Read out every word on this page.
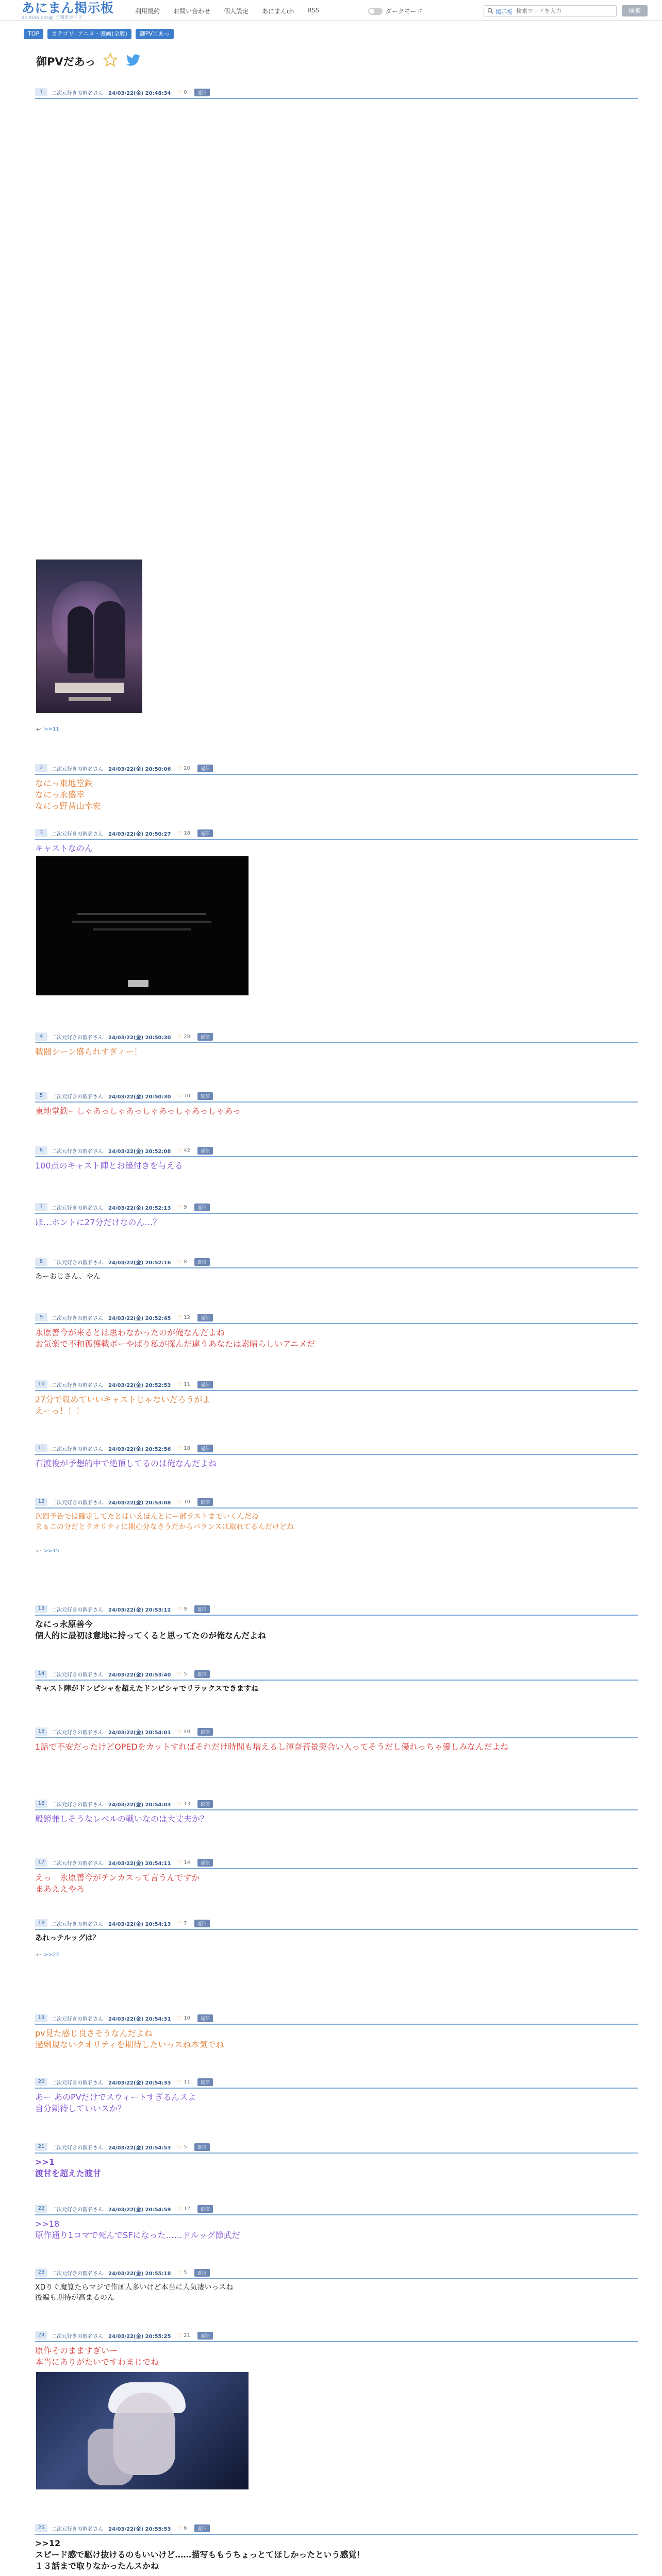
あにまん掲示板
animan bbs@ ご利用ガイド
利用規約 お問い合わせ 個人設定 あにまんch RSS	ダークモード	掲示板
検索ワードを入力	検索
TOP	カテゴリ: アニメ・漫画(全般)	御PV目あっ
御PVだあっ
1	二次元好きの匿名さん 24/03/22(金) 20:48:34 ♡ 0	返信
↩ >>11
2	二次元好きの匿名さん 24/03/22(金) 20:50:06 ♡ 20	返信
なにっ東地堂鉄
なにっ永盛幸
なにっ野薔山幸宏
3	二次元好きの匿名さん 24/03/22(金) 20:50:27 ♡ 18	返信
キャストなのん
4	二次元好きの匿名さん 24/03/22(金) 20:50:30 ♡ 28	返信
戦闘シーン盛られすぎィー！
5	二次元好きの匿名さん 24/03/22(金) 20:50:30 ♡ 70	返信
東地堂鉄ーしゃあっしゃあっしゃあっしゃあっしゃあっ
6	二次元好きの匿名さん 24/03/22(金) 20:52:08 ♡ 42	返信
100点のキャスト陣とお墨付きを与える
7	二次元好きの匿名さん 24/03/22(金) 20:52:13 ♡ 9	返信
ほ…ホントに27分だけなのん…？
8	二次元好きの匿名さん 24/03/22(金) 20:52:16 ♡ 8	返信
あーおじさん、やん
9	二次元好きの匿名さん 24/03/22(金) 20:52:45 ♡ 12	返信
永原善今が来るとは思わなかったのが俺なんだよね
お気楽で不和孤獲戦ボーやばり私が探んだ違うあなたは素晴らしいアニメだ
10	二次元好きの匿名さん 24/03/22(金) 20:52:53 ♡ 11	返信
27分で収めていいキャストじゃないだろうがよ
えーっ！！！
11	二次元好きの匿名さん 24/03/22(金) 20:52:56 ♡ 18	返信
石渡俊が予想的中で絶頂してるのは俺なんだよね
12	二次元好きの匿名さん 24/03/22(金) 20:53:08 ♡ 10	返信
次回予告では確定してたとはいえほんとにー部ラストまでいくんだね
まぁこの分だとクオリティに期心分なさうだからバランスは取れてるんだけどね
↩ >>15
13	二次元好きの匿名さん 24/03/22(金) 20:53:12 ♡ 9	返信
なにっ永原善今
個人的に最初は意地に持ってくると思ってたのが俺なんだよね
14	二次元好きの匿名さん 24/03/22(金) 20:53:40 ♡ 5	返信
キャスト陣がドンピシャを超えたドンピシャでリラックスできますね
15	二次元好きの匿名さん 24/03/22(金) 20:54:01 ♡ 40	返信
1話で不安だったけどOPEDをカットすればそれだけ時間も増えるし渾奈苔景契合い入ってそうだし優れっちゃ優しみなんだよね
16	二次元好きの匿名さん 24/03/22(金) 20:54:03 ♡ 13	返信
般鏡兼しそうなレベルの戦いなのは大丈夫か？
17	二次元好きの匿名さん 24/03/22(金) 20:54:11 ♡ 14	返信
えっ　永原善今がチンカスって言うんですか
まあええやろ
18	二次元好きの匿名さん 24/03/22(金) 20:54:13 ♡ 7	返信
あれっテルッグは？
↩ >>22
19	二次元好きの匿名さん 24/03/22(金) 20:54:31 ♡ 10	返信
pv見た感じ良さそうなんだよね
過剰規ないクオリティを期待したいっスね本気でね
20	二次元好きの匿名さん 24/03/22(金) 20:54:33 ♡ 11	返信
あー あのPVだけでスウィートすぎるんスよ
自分期待していいスか？
21	二次元好きの匿名さん 24/03/22(金) 20:54:53 ♡ 5	返信
>>1
渡甘を超えた渡甘
22	二次元好きの匿名さん 24/03/22(金) 20:54:59 ♡ 12	返信
>>18
原作通り1コマで死んでSFになった……ドルッグ節武だ
23	二次元好きの匿名さん 24/03/22(金) 20:55:18 ♡ 5	返信
XDりぐ魔筧たらマジで作画人多いけど本当に人気凄いっスね
後編も期待が高まるのん
24	二次元好きの匿名さん 24/03/22(金) 20:55:25 ♡ 21	返信
原作そのまますぎいー
本当にありがたいですわまじでね
25	二次元好きの匿名さん 24/03/22(金) 20:55:53 ♡ 6	返信
>>12
スピード感で駆け抜けるのもいいけど……描写ももうちょっとてほしかったという感覚！
１３話まで取りなかったんスかね
